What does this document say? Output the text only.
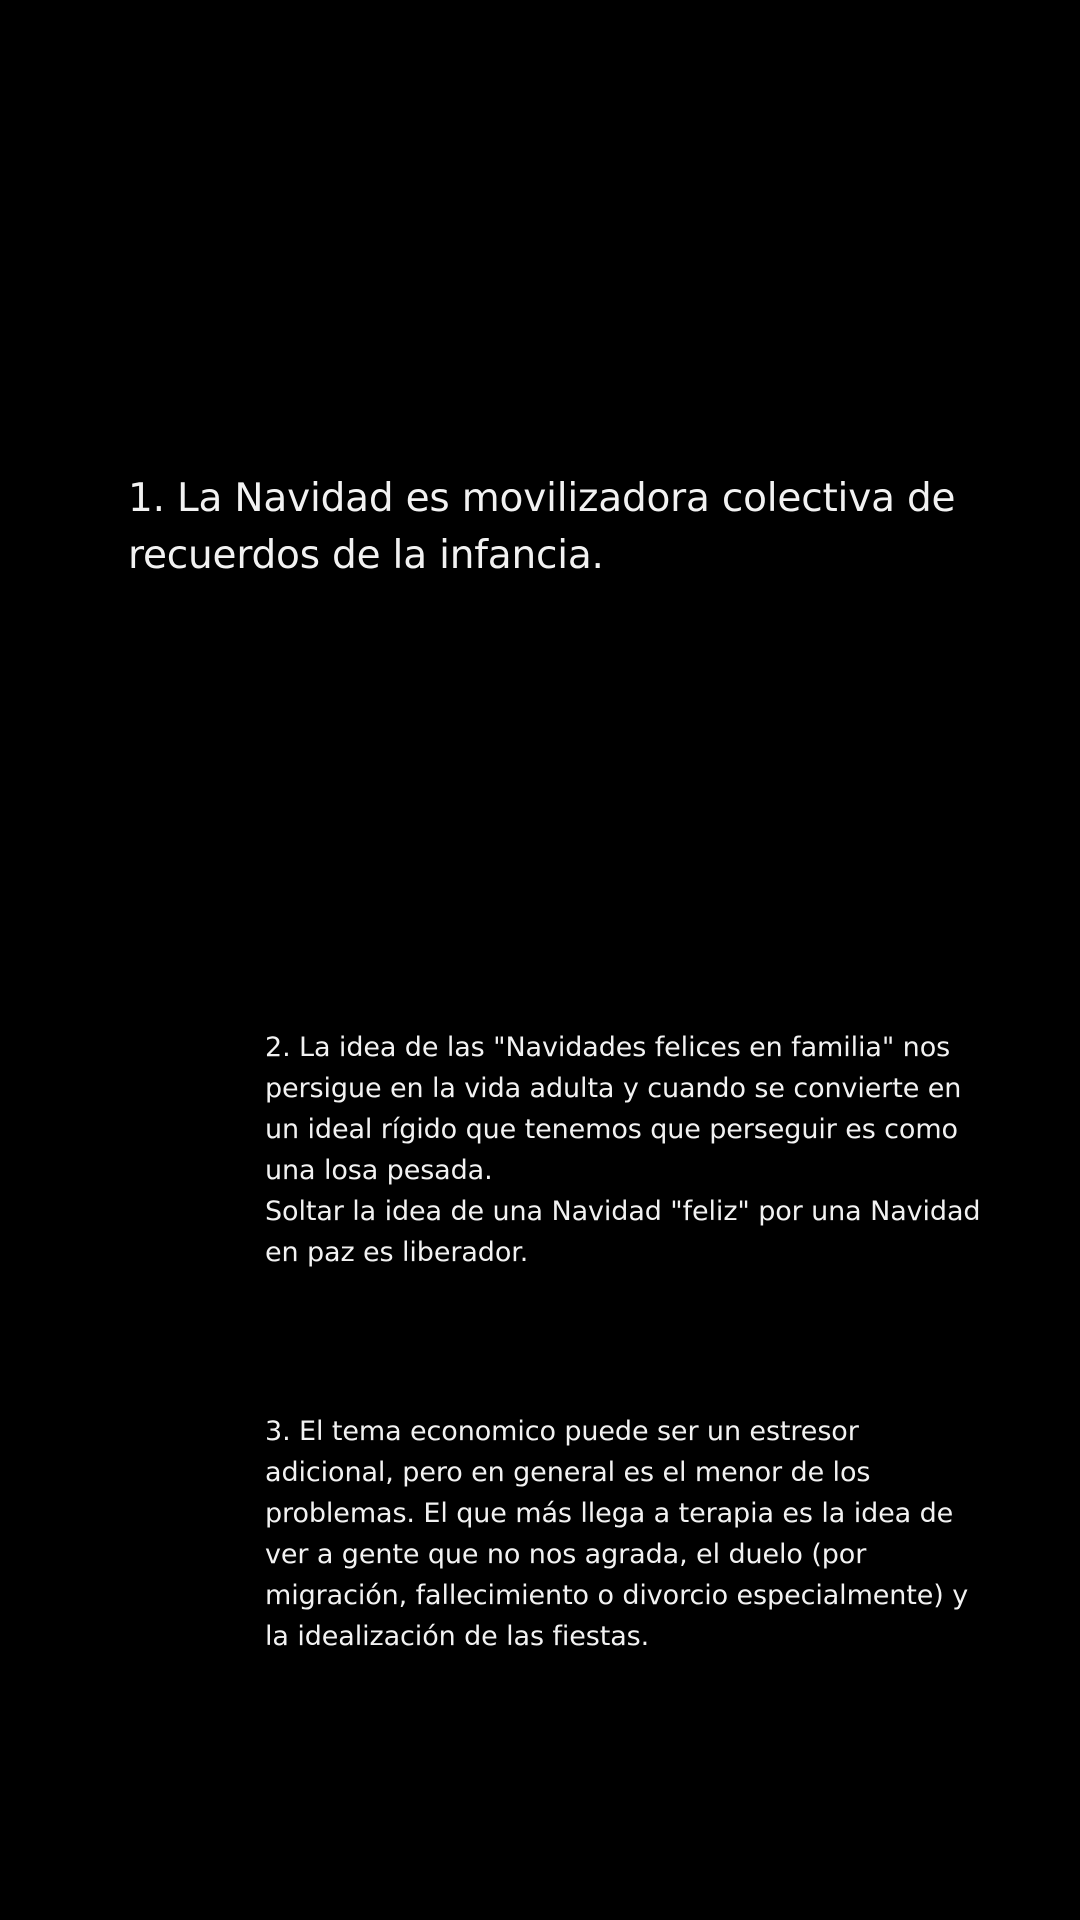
1. La Navidad es movilizadora colectiva de recuerdos de la infancia.

2. La idea de las "Navidades felices en familia" nos persigue en la vida adulta y cuando se convierte en un ideal rígido que tenemos que perseguir es como una losa pesada.
Soltar la idea de una Navidad "feliz" por una Navidad en paz es liberador.

3. El tema economico puede ser un estresor adicional, pero en general es el menor de los problemas. El que más llega a terapia es la idea de ver a gente que no nos agrada, el duelo (por migración, fallecimiento o divorcio especialmente) y la idealización de las fiestas.
